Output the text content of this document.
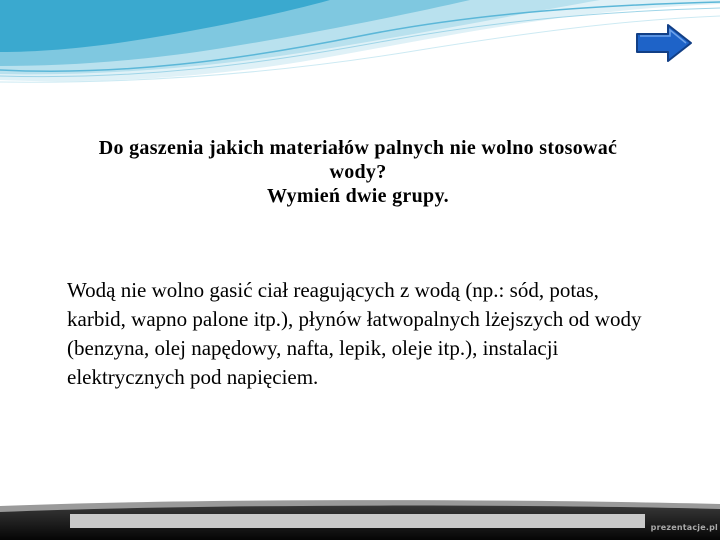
Do gaszenia jakich materiałów palnych nie wolno stosować
wody?
Wymień dwie grupy.
Wodą nie wolno gasić ciał reagujących z wodą (np.: sód, potas, karbid, wapno palone itp.), płynów łatwopalnych lżejszych od wody (benzyna, olej napędowy, nafta, lepik, oleje itp.), instalacji elektrycznych pod napięciem.
prezentacje.pl
